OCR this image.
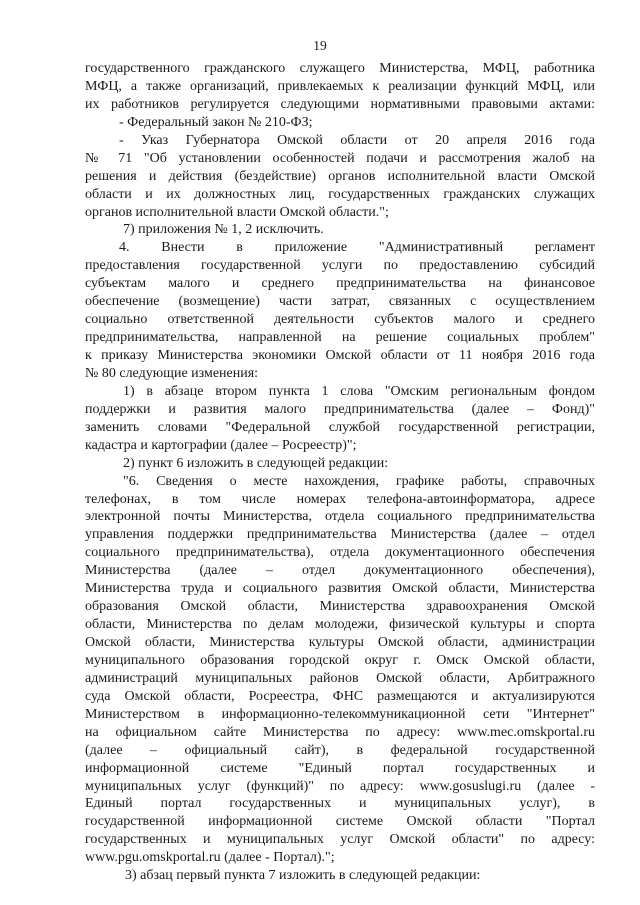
19
государственного гражданского служащего Министерства, МФЦ, работника
МФЦ, а также организаций, привлекаемых к реализации функций МФЦ, или
их работников регулируется следующими нормативными правовыми актами:
- Федеральный закон № 210-ФЗ;
- Указ Губернатора Омской области от 20 апреля 2016 года
№ 71 "Об установлении особенностей подачи и рассмотрения жалоб на
решения и действия (бездействие) органов исполнительной власти Омской
области и их должностных лиц, государственных гражданских служащих
органов исполнительной власти Омской области.";
7) приложения № 1, 2 исключить.
4. Внести в приложение "Административный регламент
предоставления государственной услуги по предоставлению субсидий
субъектам малого и среднего предпринимательства на финансовое
обеспечение (возмещение) части затрат, связанных с осуществлением
социально ответственной деятельности субъектов малого и среднего
предпринимательства, направленной на решение социальных проблем"
к приказу Министерства экономики Омской области от 11 ноября 2016 года
№ 80 следующие изменения:
1) в абзаце втором пункта 1 слова "Омским региональным фондом
поддержки и развития малого предпринимательства (далее – Фонд)"
заменить словами "Федеральной службой государственной регистрации,
кадастра и картографии (далее – Росреестр)";
2) пункт 6 изложить в следующей редакции:
"6. Сведения о месте нахождения, графике работы, справочных
телефонах, в том числе номерах телефона-автоинформатора, адресе
электронной почты Министерства, отдела социального предпринимательства
управления поддержки предпринимательства Министерства (далее – отдел
социального предпринимательства), отдела документационного обеспечения
Министерства (далее – отдел документационного обеспечения),
Министерства труда и социального развития Омской области, Министерства
образования Омской области, Министерства здравоохранения Омской
области, Министерства по делам молодежи, физической культуры и спорта
Омской области, Министерства культуры Омской области, администрации
муниципального образования городской округ г. Омск Омской области,
администраций муниципальных районов Омской области, Арбитражного
суда Омской области, Росреестра, ФНС размещаются и актуализируются
Министерством в информационно-телекоммуникационной сети "Интернет"
на официальном сайте Министерства по адресу: www.mec.omskportal.ru
(далее – официальный сайт), в федеральной государственной
информационной системе "Единый портал государственных и
муниципальных услуг (функций)" по адресу: www.gosuslugi.ru (далее -
Единый портал государственных и муниципальных услуг), в
государственной информационной системе Омской области "Портал
государственных и муниципальных услуг Омской области" по адресу:
www.pgu.omskportal.ru (далее - Портал).";
3) абзац первый пункта 7 изложить в следующей редакции:
